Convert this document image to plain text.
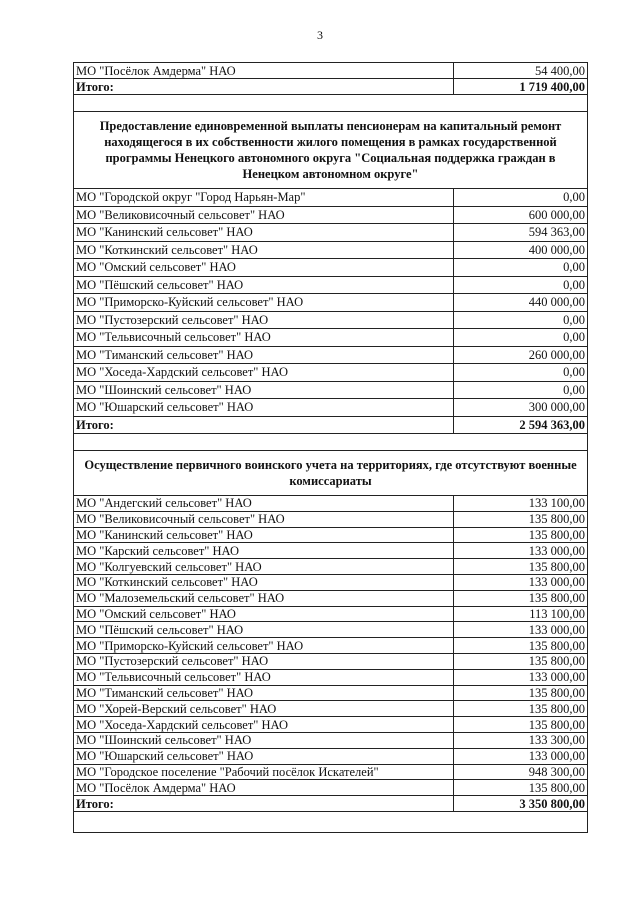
3
МО "Посёлок Амдерма" НАО	54 400,00
Итого:	1 719 400,00

Предоставление единовременной выплаты пенсионерам на капитальный ремонт находящегося в их собственности жилого помещения в рамках государственной программы Ненецкого автономного округа "Социальная поддержка граждан в Ненецком автономном округе"	
МО "Городской округ "Город Нарьян-Мар"	0,00
МО "Великовисочный сельсовет" НАО	600 000,00
МО "Канинский сельсовет" НАО	594 363,00
МО "Коткинский сельсовет" НАО	400 000,00
МО "Омский сельсовет" НАО	0,00
МО "Пёшский сельсовет" НАО	0,00
МО "Приморско-Куйский сельсовет" НАО	440 000,00
МО "Пустозерский сельсовет" НАО	0,00
МО "Тельвисочный сельсовет" НАО	0,00
МО "Тиманский сельсовет" НАО	260 000,00
МО "Хоседа-Хардский сельсовет" НАО	0,00
МО "Шоинский сельсовет" НАО	0,00
МО "Юшарский сельсовет" НАО	300 000,00
Итого:	2 594 363,00

Осуществление первичного воинского учета на территориях, где отсутствуют военные комиссариаты	
МО "Андегский сельсовет" НАО	133 100,00
МО "Великовисочный сельсовет" НАО	135 800,00
МО "Канинский сельсовет" НАО	135 800,00
МО "Карский сельсовет" НАО	133 000,00
МО "Колгуевский сельсовет" НАО	135 800,00
МО "Коткинский сельсовет" НАО	133 000,00
МО "Малоземельский сельсовет" НАО	135 800,00
МО "Омский сельсовет" НАО	113 100,00
МО "Пёшский сельсовет" НАО	133 000,00
МО "Приморско-Куйский сельсовет" НАО	135 800,00
МО "Пустозерский сельсовет" НАО	135 800,00
МО "Тельвисочный сельсовет" НАО	133 000,00
МО "Тиманский сельсовет" НАО	135 800,00
МО "Хорей-Верский сельсовет" НАО	135 800,00
МО "Хоседа-Хардский сельсовет" НАО	135 800,00
МО "Шоинский сельсовет" НАО	133 300,00
МО "Юшарский сельсовет" НАО	133 000,00
МО "Городское поселение "Рабочий посёлок Искателей"	948 300,00
МО "Посёлок Амдерма" НАО	135 800,00
Итого:	3 350 800,00
